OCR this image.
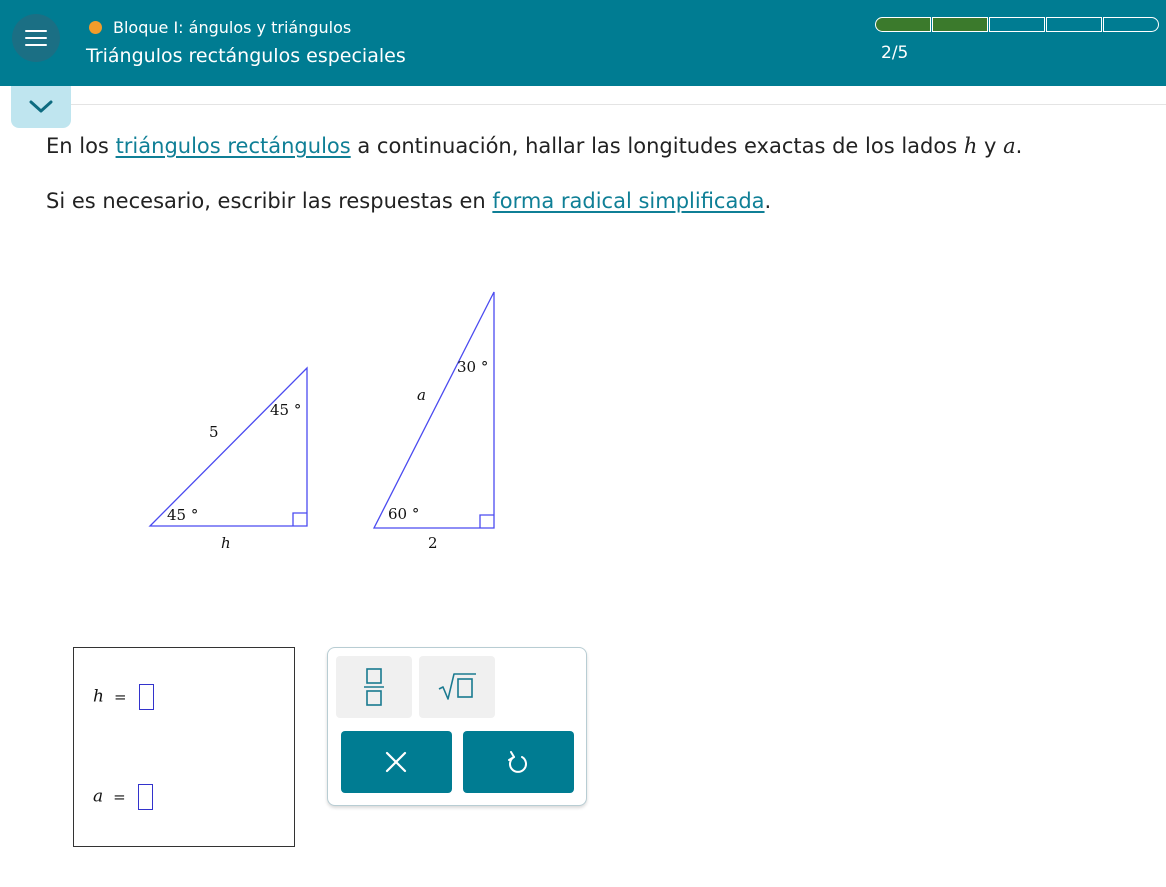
Bloque I: ángulos y triángulos
Triángulos rectángulos especiales	2/5
En los triángulos rectángulos a continuación, hallar las longitudes exactas de los lados h y a.
Si es necesario, escribir las respuestas en forma radical simplificada.
5
45 °
45 °
h
a
30 °
60 °
2
h =
a =
